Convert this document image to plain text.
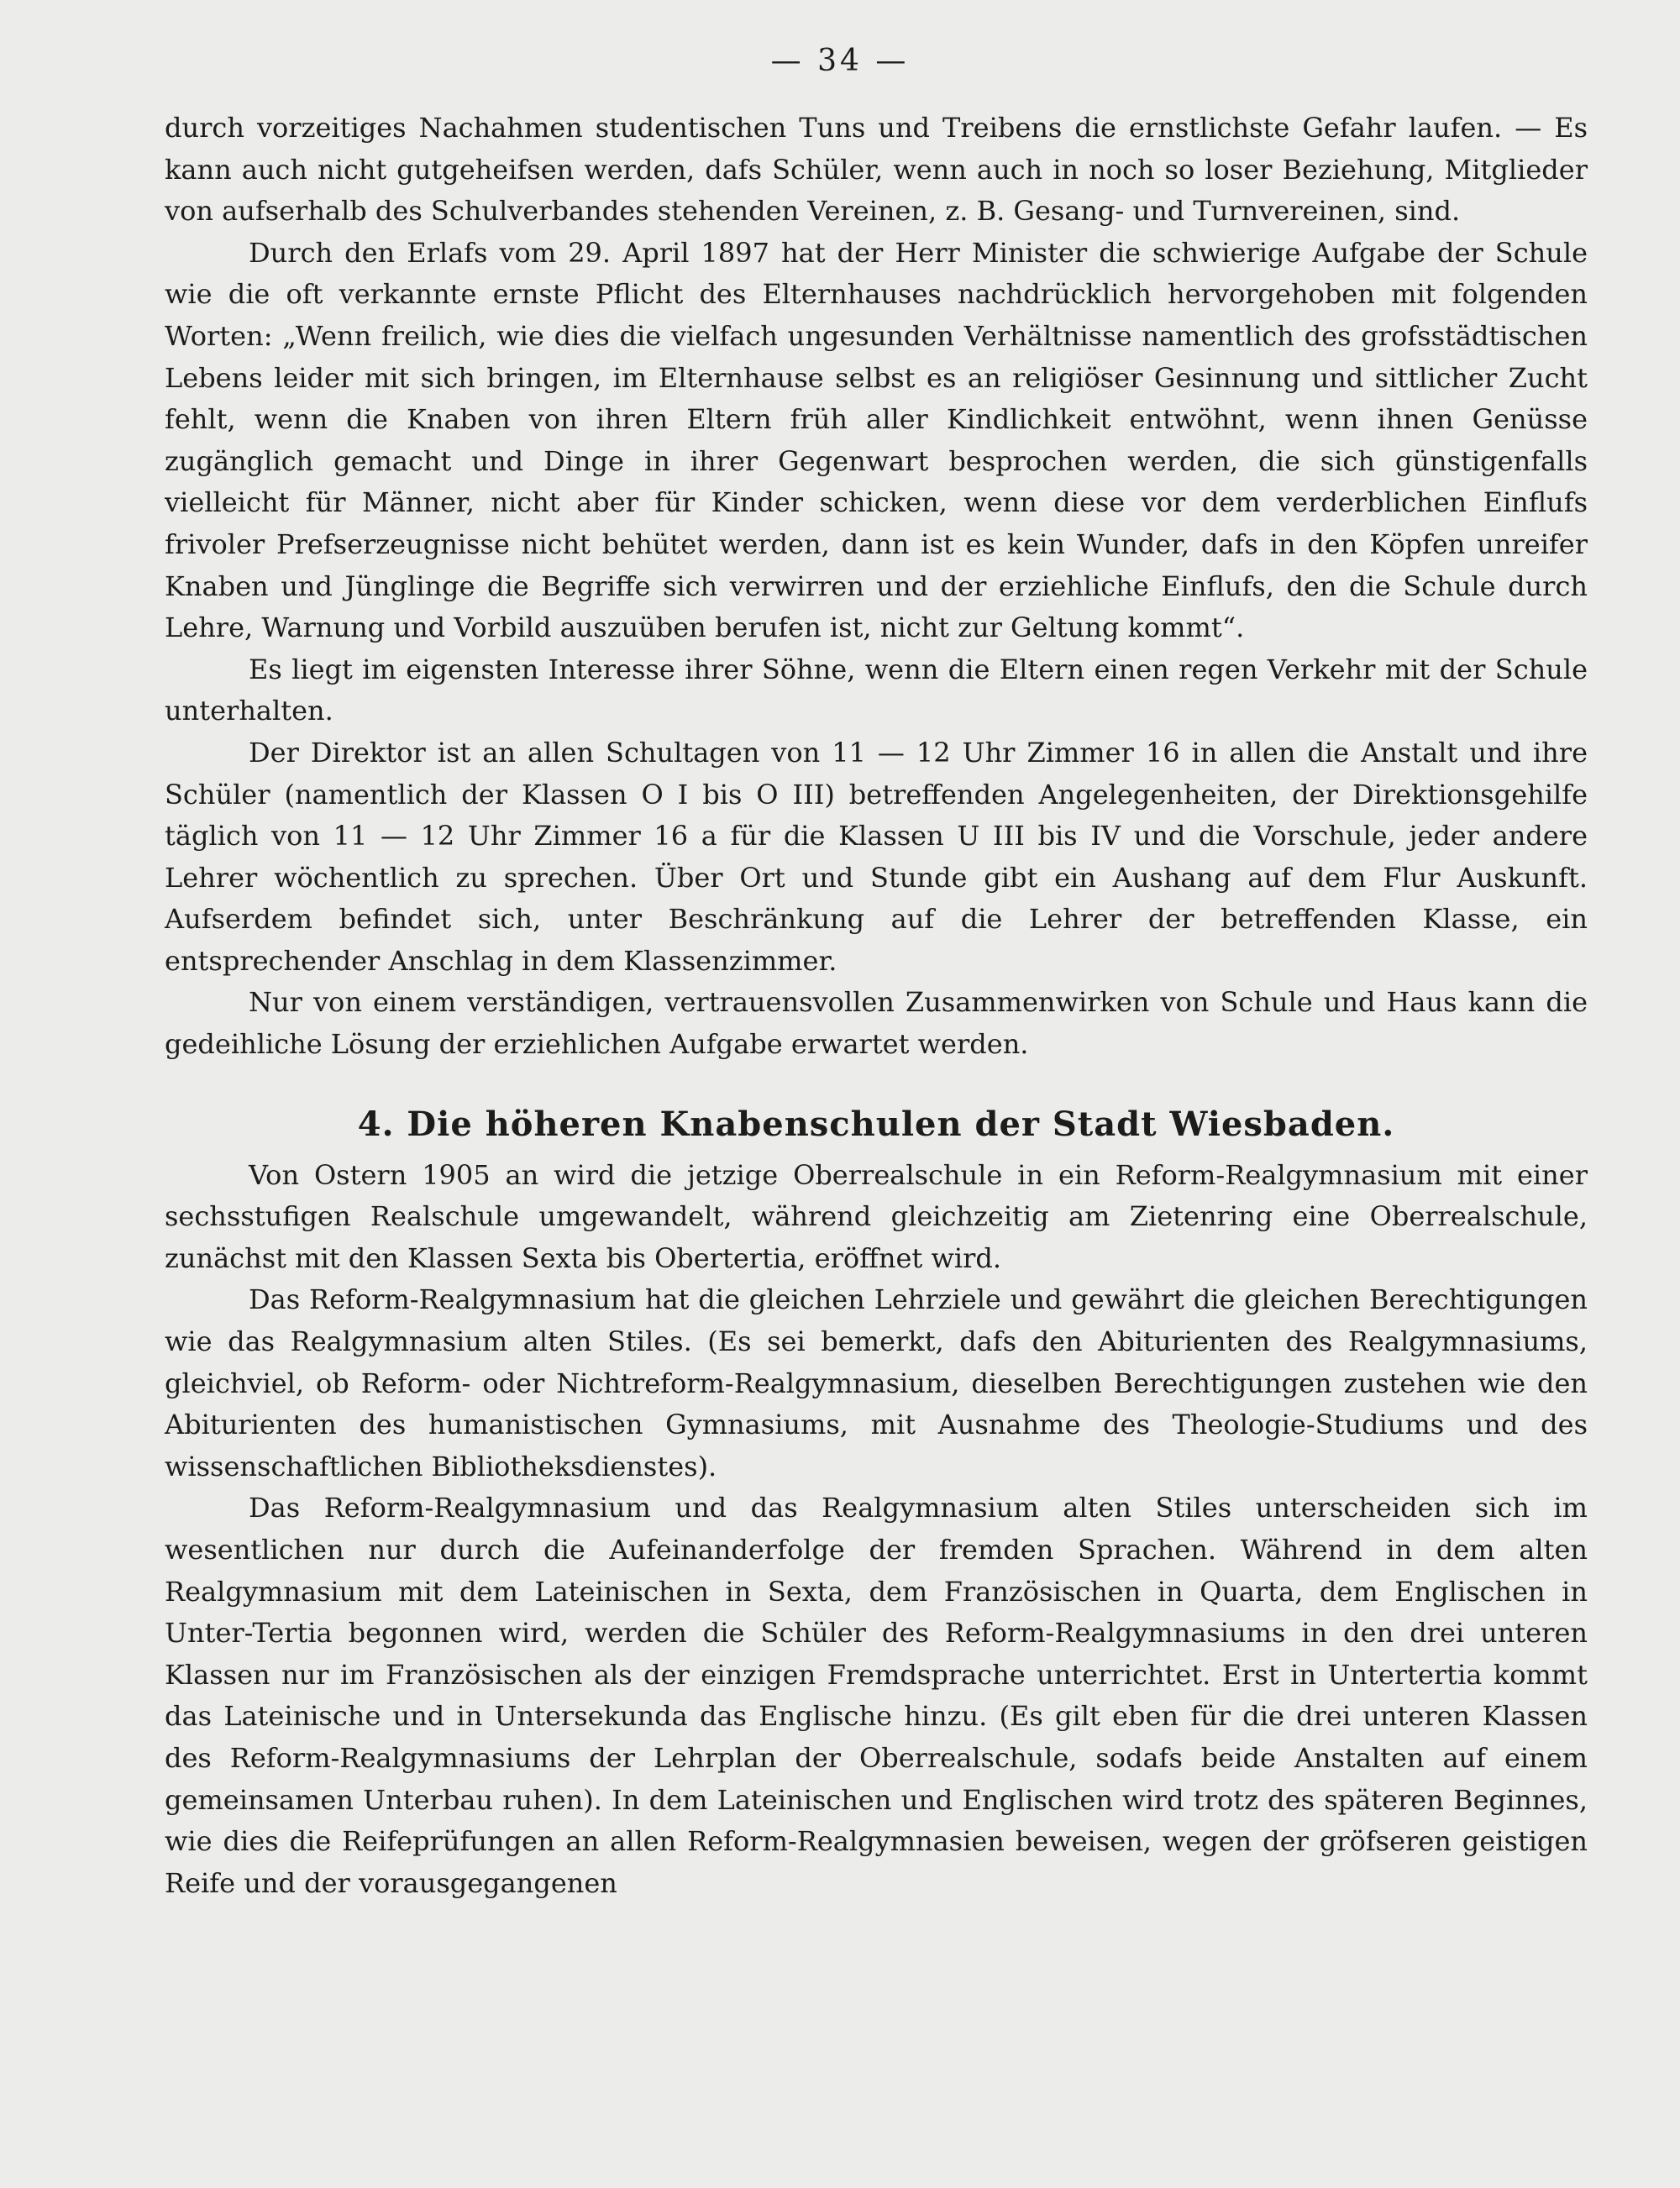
— 34 —

durch vorzeitiges Nachahmen studentischen Tuns und Treibens die ernstlichste Gefahr laufen. — Es kann auch nicht gutgeheifsen werden, dafs Schüler, wenn auch in noch so loser Beziehung, Mitglieder von aufserhalb des Schulverbandes stehenden Vereinen, z. B. Gesang- und Turnvereinen, sind.

Durch den Erlafs vom 29. April 1897 hat der Herr Minister die schwierige Aufgabe der Schule wie die oft verkannte ernste Pflicht des Elternhauses nachdrücklich hervorgehoben mit folgenden Worten: „Wenn freilich, wie dies die vielfach ungesunden Verhältnisse namentlich des grofsstädtischen Lebens leider mit sich bringen, im Elternhause selbst es an religiöser Gesinnung und sittlicher Zucht fehlt, wenn die Knaben von ihren Eltern früh aller Kindlichkeit entwöhnt, wenn ihnen Genüsse zugänglich gemacht und Dinge in ihrer Gegenwart besprochen werden, die sich günstigenfalls vielleicht für Männer, nicht aber für Kinder schicken, wenn diese vor dem verderblichen Einflufs frivoler Prefserzeugnisse nicht behütet werden, dann ist es kein Wunder, dafs in den Köpfen unreifer Knaben und Jünglinge die Begriffe sich verwirren und der erziehliche Einflufs, den die Schule durch Lehre, Warnung und Vorbild auszuüben berufen ist, nicht zur Geltung kommt“.

Es liegt im eigensten Interesse ihrer Söhne, wenn die Eltern einen regen Verkehr mit der Schule unterhalten.

Der Direktor ist an allen Schultagen von 11 — 12 Uhr Zimmer 16 in allen die Anstalt und ihre Schüler (namentlich der Klassen O I bis O III) betreffenden Angelegenheiten, der Direktionsgehilfe täglich von 11 — 12 Uhr Zimmer 16 a für die Klassen U III bis IV und die Vorschule, jeder andere Lehrer wöchentlich zu sprechen. Über Ort und Stunde gibt ein Aushang auf dem Flur Auskunft. Aufserdem befindet sich, unter Beschränkung auf die Lehrer der betreffenden Klasse, ein entsprechender Anschlag in dem Klassenzimmer.

Nur von einem verständigen, vertrauensvollen Zusammenwirken von Schule und Haus kann die gedeihliche Lösung der erziehlichen Aufgabe erwartet werden.

4. Die höheren Knabenschulen der Stadt Wiesbaden.

Von Ostern 1905 an wird die jetzige Oberrealschule in ein Reform-Realgymnasium mit einer sechsstufigen Realschule umgewandelt, während gleichzeitig am Zietenring eine Oberrealschule, zunächst mit den Klassen Sexta bis Obertertia, eröffnet wird.

Das Reform-Realgymnasium hat die gleichen Lehrziele und gewährt die gleichen Berechtigungen wie das Realgymnasium alten Stiles. (Es sei bemerkt, dafs den Abiturienten des Realgymnasiums, gleichviel, ob Reform- oder Nichtreform-Realgymnasium, dieselben Berechtigungen zustehen wie den Abiturienten des humanistischen Gymnasiums, mit Ausnahme des Theologie-Studiums und des wissenschaftlichen Bibliotheksdienstes).

Das Reform-Realgymnasium und das Realgymnasium alten Stiles unterscheiden sich im wesentlichen nur durch die Aufeinanderfolge der fremden Sprachen. Während in dem alten Realgymnasium mit dem Lateinischen in Sexta, dem Französischen in Quarta, dem Englischen in Unter-Tertia begonnen wird, werden die Schüler des Reform-Realgymnasiums in den drei unteren Klassen nur im Französischen als der einzigen Fremdsprache unterrichtet. Erst in Untertertia kommt das Lateinische und in Untersekunda das Englische hinzu. (Es gilt eben für die drei unteren Klassen des Reform-Realgymnasiums der Lehrplan der Oberrealschule, sodafs beide Anstalten auf einem gemeinsamen Unterbau ruhen). In dem Lateinischen und Englischen wird trotz des späteren Beginnes, wie dies die Reifeprüfungen an allen Reform-Realgymnasien beweisen, wegen der gröfseren geistigen Reife und der vorausgegangenen
